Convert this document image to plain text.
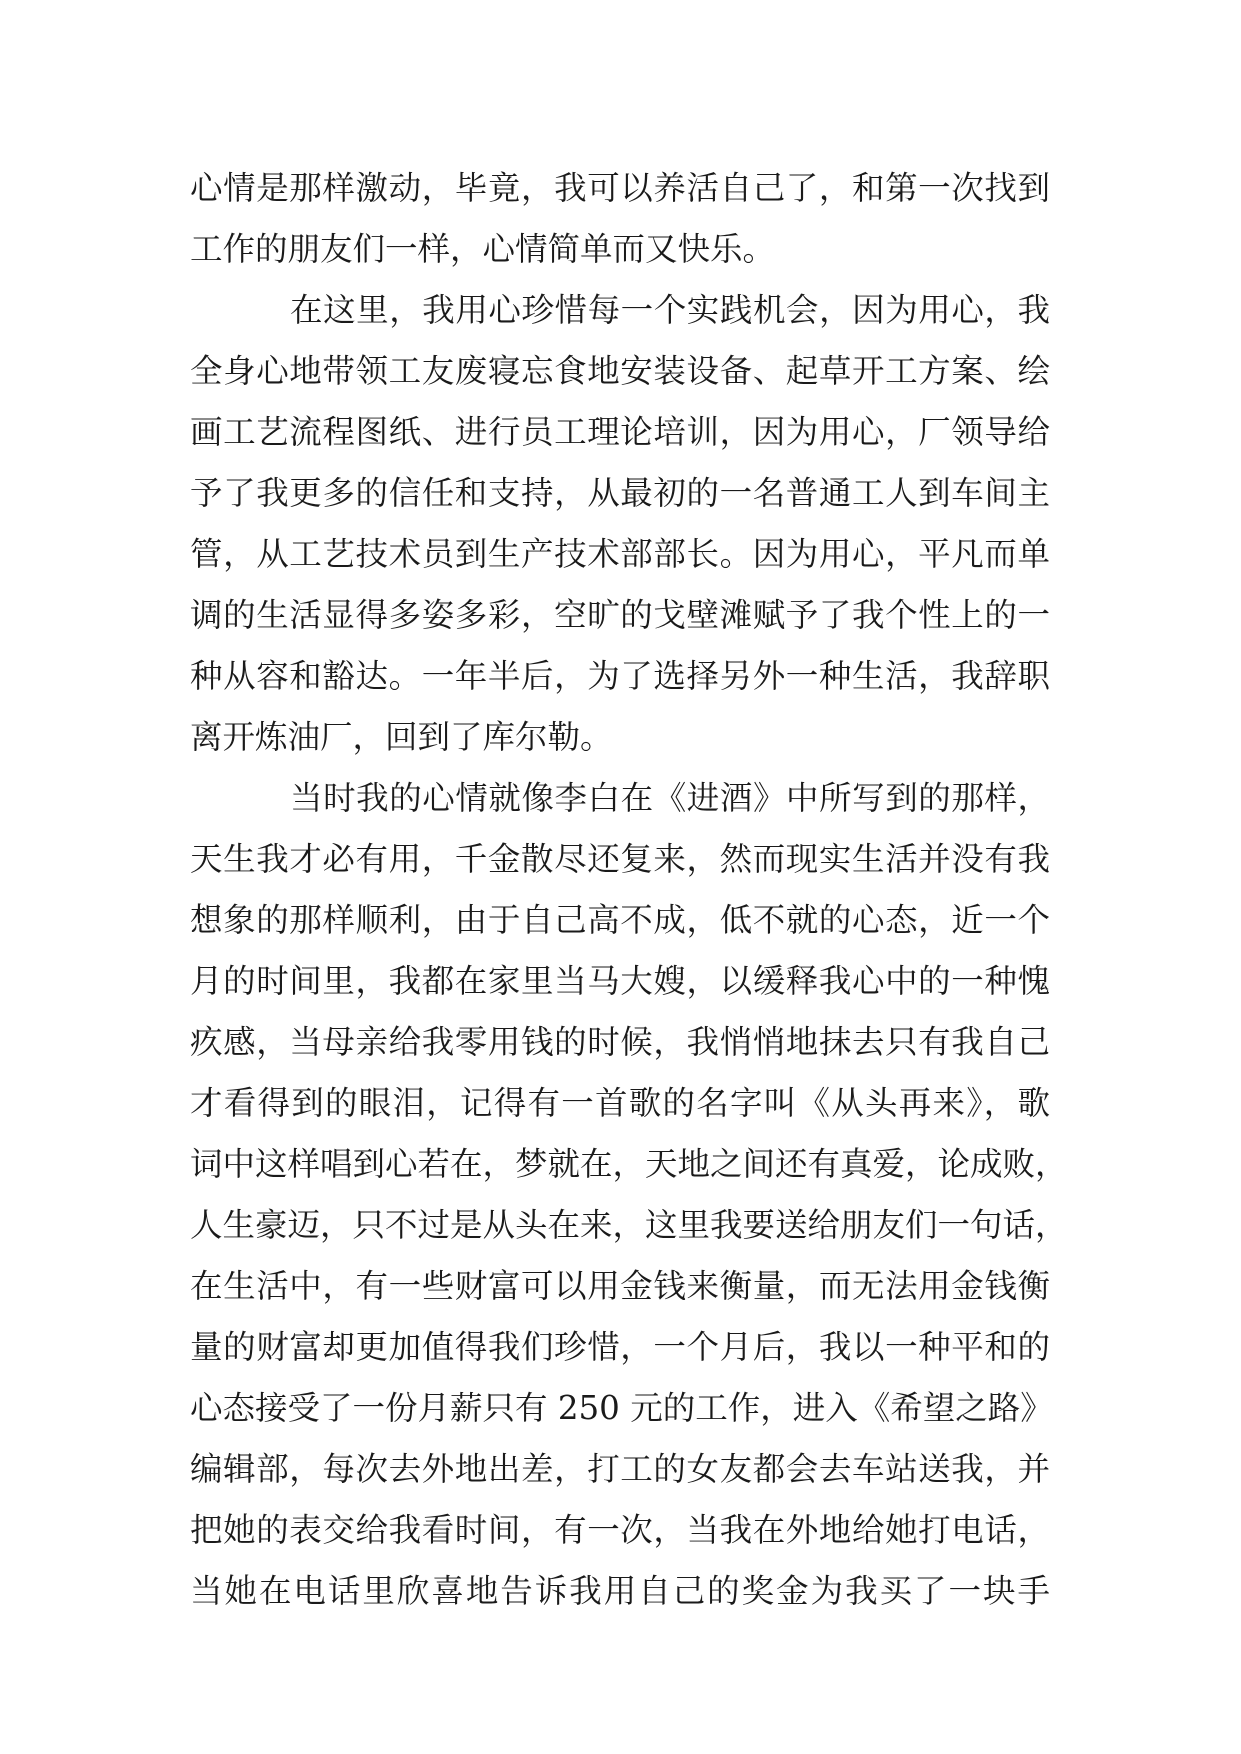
心情是那样激动，毕竟，我可以养活自己了，和第一次找到
工作的朋友们一样，心情简单而又快乐。
在这里，我用心珍惜每一个实践机会，因为用心，我
全身心地带领工友废寝忘食地安装设备、起草开工方案、绘
画工艺流程图纸、进行员工理论培训，因为用心，厂领导给
予了我更多的信任和支持，从最初的一名普通工人到车间主
管，从工艺技术员到生产技术部部长。因为用心，平凡而单
调的生活显得多姿多彩，空旷的戈壁滩赋予了我个性上的一
种从容和豁达。一年半后，为了选择另外一种生活，我辞职
离开炼油厂，回到了库尔勒。
当时我的心情就像李白在《进酒》中所写到的那样，
天生我才必有用，千金散尽还复来，然而现实生活并没有我
想象的那样顺利，由于自己高不成，低不就的心态，近一个
月的时间里，我都在家里当马大嫂，以缓释我心中的一种愧
疚感，当母亲给我零用钱的时候，我悄悄地抹去只有我自己
才看得到的眼泪，记得有一首歌的名字叫《从头再来》，歌
词中这样唱到心若在，梦就在，天地之间还有真爱，论成败，
人生豪迈，只不过是从头在来，这里我要送给朋友们一句话，
在生活中，有一些财富可以用金钱来衡量，而无法用金钱衡
量的财富却更加值得我们珍惜，一个月后，我以一种平和的
心态接受了一份月薪只有 250 元的工作，进入《希望之路》
编辑部，每次去外地出差，打工的女友都会去车站送我，并
把她的表交给我看时间，有一次，当我在外地给她打电话，
当她在电话里欣喜地告诉我用自己的奖金为我买了一块手
